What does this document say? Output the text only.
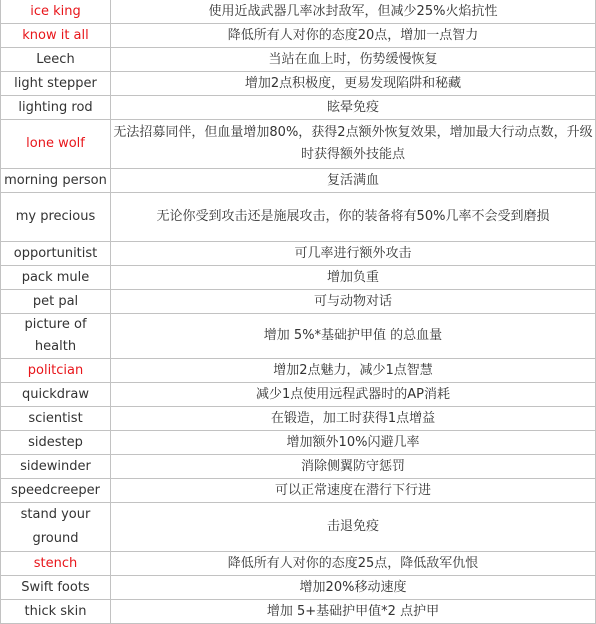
ice king	使用近战武器几率冰封敌军，但减少25%火焰抗性
know it all	降低所有人对你的态度20点，增加一点智力
Leech	当站在血上时，伤势缓慢恢复
light stepper	增加2点积极度，更易发现陷阱和秘藏
lighting rod	眩晕免疫
lone wolf	无法招募同伴，但血量增加80%，获得2点额外恢复效果，增加最大行动点数，升级时获得额外技能点
morning person	复活满血
my precious	无论你受到攻击还是施展攻击，你的装备将有50%几率不会受到磨损
opportunitist	可几率进行额外攻击
pack mule	增加负重
pet pal	可与动物对话
picture of health	增加 5%*基础护甲值 的总血量
politcian	增加2点魅力，减少1点智慧
quickdraw	减少1点使用远程武器时的AP消耗
scientist	在锻造，加工时获得1点增益
sidestep	增加额外10%闪避几率
sidewinder	消除侧翼防守惩罚
speedcreeper	可以正常速度在潜行下行进
stand your ground	击退免疫
stench	降低所有人对你的态度25点，降低敌军仇恨
Swift foots	增加20%移动速度
thick skin	增加 5+基础护甲值*2 点护甲
